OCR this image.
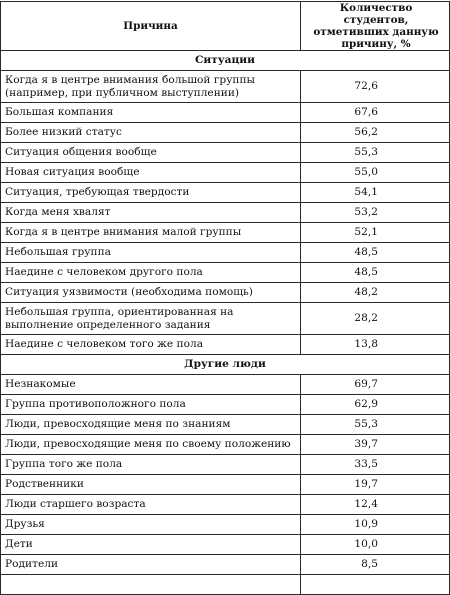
Причина	Количество студентов, отметивших данную причину, %
Ситуации	
Когда я в центре внимания большой группы (например, при публичном выступлении)	72,6
Большая компания	67,6
Более низкий статус	56,2
Ситуация общения вообще	55,3
Новая ситуация вообще	55,0
Ситуация, требующая твердости	54,1
Когда меня хвалят	53,2
Когда я в центре внимания малой группы	52,1
Небольшая группа	48,5
Наедине с человеком другого пола	48,5
Ситуация уязвимости (необходима помощь)	48,2
Небольшая группа, ориентированная на выполнение определенного задания	28,2
Наедине с человеком того же пола	13,8
Другие люди	
Незнакомые	69,7
Группа противоположного пола	62,9
Люди, превосходящие меня по знаниям	55,3
Люди, превосходящие меня по своему положению	39,7
Группа того же пола	33,5
Родственники	19,7
Люди старшего возраста	12,4
Друзья	10,9
Дети	10,0
Родители	8,5
